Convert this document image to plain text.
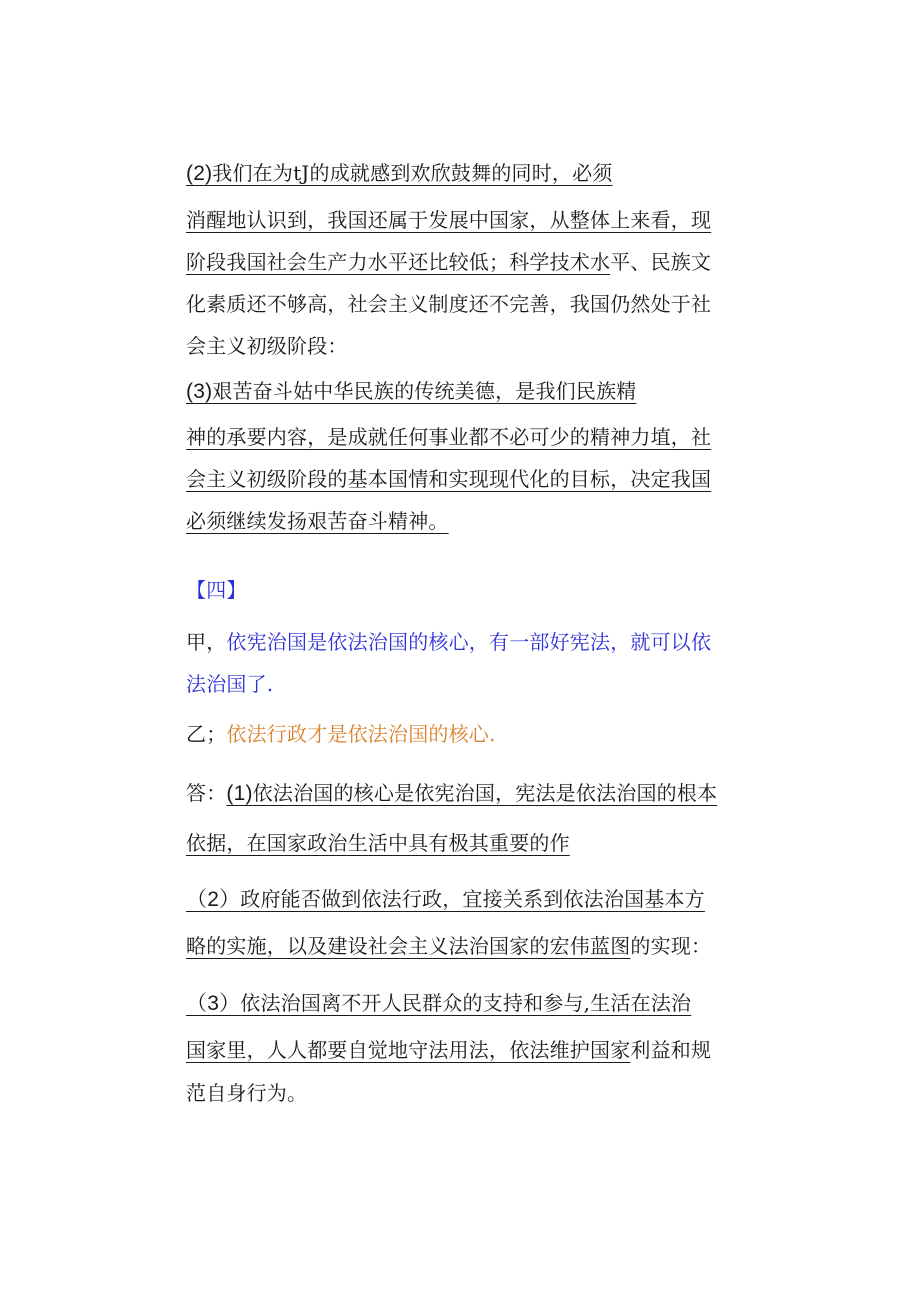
(2)我们在为tJ的成就感到欢欣鼓舞的同时，必须
消醒地认识到，我国还属于发展中国家，从整体上来看，现
阶段我国社会生产力水平还比较低；科学技术水平、民族文
化素质还不够高，社会主义制度还不完善，我国仍然处于社
会主义初级阶段：
(3)艰苦奋斗姑中华民族的传统美德，是我们民族精
神的承要内容，是成就任何事业都不必可少的精神力埴，社
会主义初级阶段的基本国情和实现现代化的目标，决定我国
必须继续发扬艰苦奋斗精神。
【四】
甲，依宪治国是依法治国的核心，有一部好宪法，就可以依
法治国了.
乙；依法行政才是依法治国的核心.
答：(1)依法治国的核心是依宪治国，宪法是依法治国的根本
依据，在国家政治生活中具有极其重要的作
（2）政府能否做到依法行政，宜接关系到依法治国基本方
略的实施，以及建设社会主义法治国家的宏伟蓝图的实现：
（3）依法治国离不开人民群众的支持和参与,生活在法治
国家里，人人都要自觉地守法用法，依法维护国家利益和规
范自身行为。
